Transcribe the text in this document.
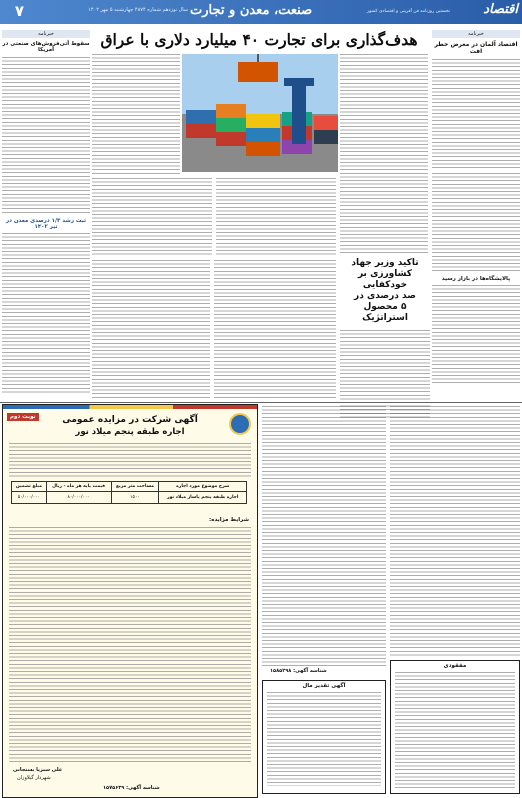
۷	صنعت، معدن و تجارت
سال نوزدهم شماره ۴۸۷۴ چهارشنبه ۵ مهر ۱۴۰۲	نخستین روزنامه فن آفرینی و اقتصادی کشور	اقتصاد
هدف‌گذاری برای تجارت ۴۰ میلیارد دلاری با عراق	خبرنامه
اقتصاد آلمان در معرض خطر افت
پالایشگاه‌ها در بازار رسید
خبرنامه
سقوط آتی‌فروش‌های صنعتی در آمریکا
ثبت رشد ۱/۳ درصدی معدن در تیر ۱۴۰۲
تاکید وزیر جهاد
کشاورزی بر خودکفایی
صد درصدی در
۵ محصول استراتژیک
نوبت دوم	آگهی شرکت در مزایده عمومی
اجاره طبقه پنجم میلاد نور
شرح موضوع مورد اجاره	مساحت متر مربع	قیمت پایه هر ماه - ریال	مبلغ تضمین
اجاره طبقه پنجم پاساژ میلاد نور	۱۵۰۰	۸۰/۰۰۰/۰۰۰	۵۰/۰۰۰/۰۰۰
شرایط مزایده:
علی سبزیا بستجانی
شهردار گیلاوزان
شناسه آگهی: ۱۵۷۵۶۳۹
شناسه آگهی: ۱۵۸۵۲۹۸
آگهی تقدیر مال
مفقودی
